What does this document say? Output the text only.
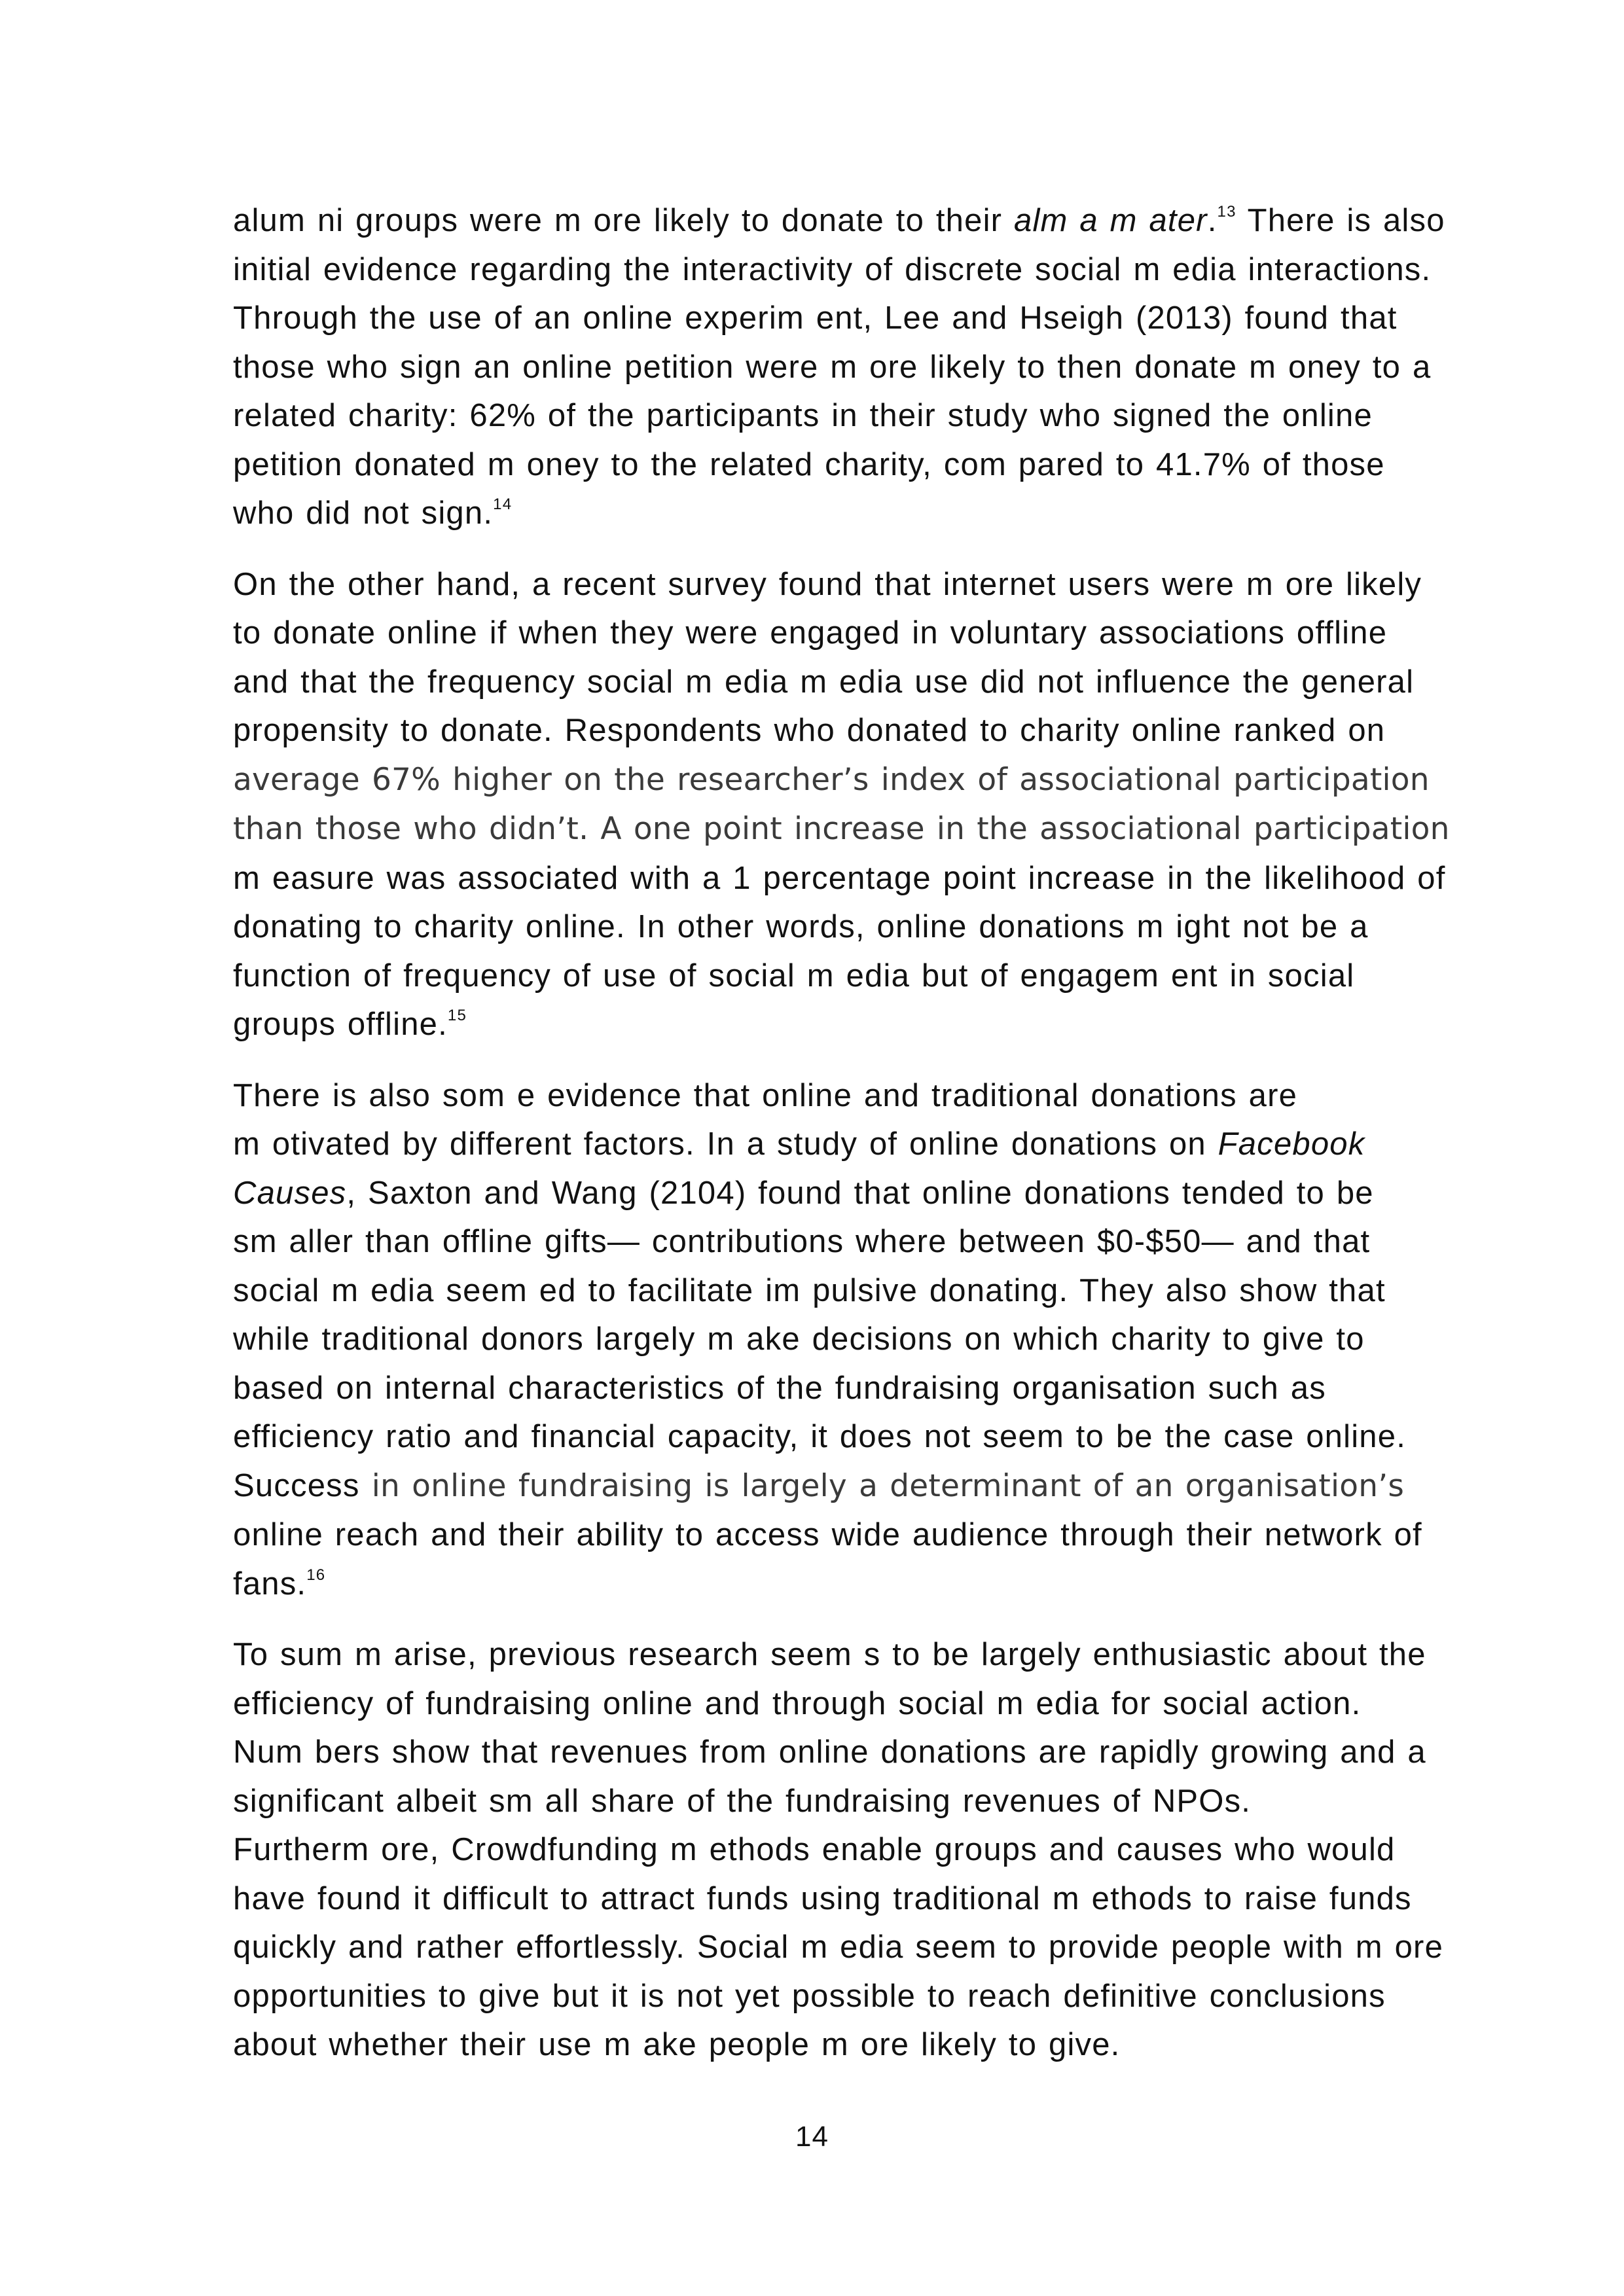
alum ni groups were m ore likely to donate to their alm a m ater.$^{13}$ There is also
initial evidence regarding the interactivity of discrete social m edia interactions.
Through the use of an online experim ent, Lee and Hseigh (2013) found that
those who sign an online petition were m ore likely to then donate m oney to a
related charity: 62% of the participants in their study who signed the online
petition donated m oney to the related charity, com pared to 41.7% of those
who did not sign.$^{14}$

On the other hand, a recent survey found that internet users were m ore likely
to donate online if when they were engaged in voluntary associations offline
and that the frequency social m edia m edia use did not influence the general
propensity to donate. Respondents who donated to charity online ranked on
average 67% higher on the researcher’s index of associational participation
than those who didn’t. A one point increase in the associational participation
m easure was associated with a 1 percentage point increase in the likelihood of
donating to charity online. In other words, online donations m ight not be a
function of frequency of use of social m edia but of engagem ent in social
groups offline.$^{15}$

There is also som e evidence that online and traditional donations are
m otivated by different factors. In a study of online donations on Facebook
Causes, Saxton and Wang (2104) found that online donations tended to be
sm aller than offline gifts— contributions where between $0-$50— and that
social m edia seem ed to facilitate im pulsive donating. They also show that
while traditional donors largely m ake decisions on which charity to give to
based on internal characteristics of the fundraising organisation such as
efficiency ratio and financial capacity, it does not seem to be the case online.
Success in online fundraising is largely a determinant of an organisation’s
online reach and their ability to access wide audience through their network of
fans.$^{16}$

To sum m arise, previous research seem s to be largely enthusiastic about the
efficiency of fundraising online and through social m edia for social action.
Num bers show that revenues from online donations are rapidly growing and a
significant albeit sm all share of the fundraising revenues of NPOs.
Furtherm ore, Crowdfunding m ethods enable groups and causes who would
have found it difficult to attract funds using traditional m ethods to raise funds
quickly and rather effortlessly. Social m edia seem to provide people with m ore
opportunities to give but it is not yet possible to reach definitive conclusions
about whether their use m ake people m ore likely to give.

14
